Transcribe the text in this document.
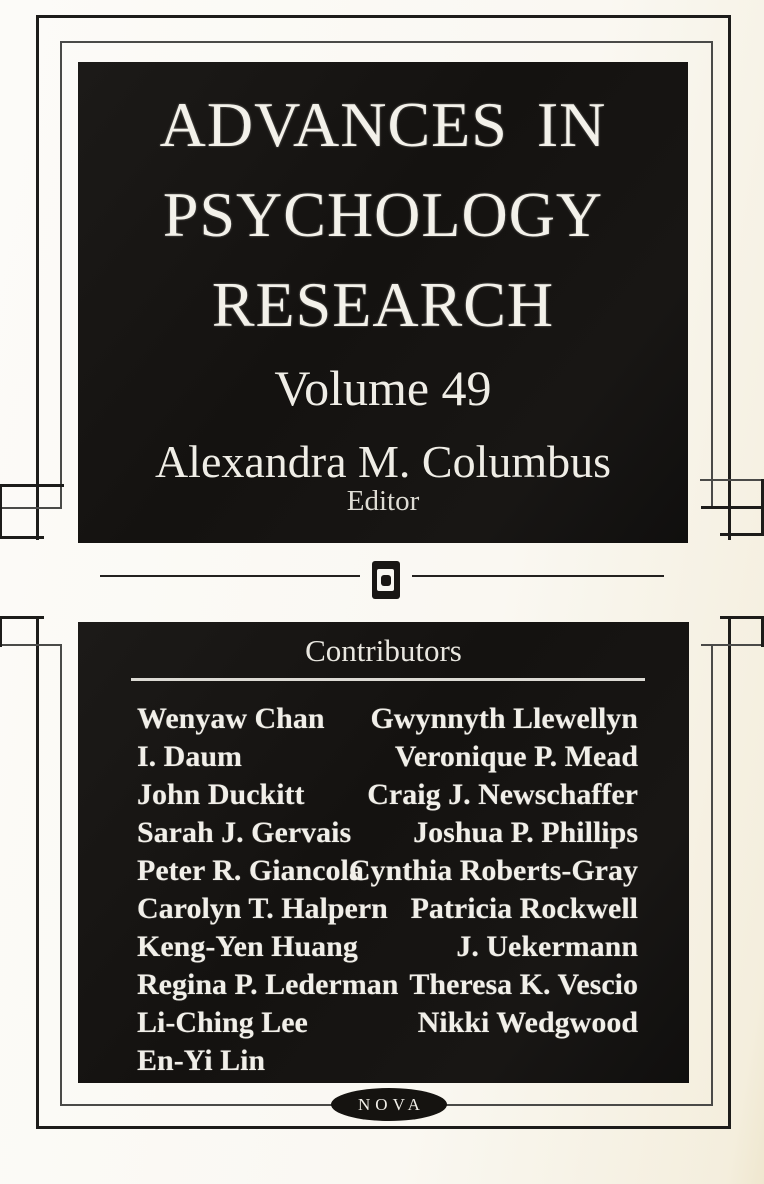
ADVANCES IN
PSYCHOLOGY
RESEARCH
Volume 49
Alexandra M. Columbus
Editor
Contributors
Wenyaw Chan
I. Daum
John Duckitt
Sarah J. Gervais
Peter R. Giancola
Carolyn T. Halpern
Keng-Yen Huang
Regina P. Lederman
Li-Ching Lee
En-Yi Lin
Gwynnyth Llewellyn
Veronique P. Mead
Craig J. Newschaffer
Joshua P. Phillips
Cynthia Roberts-Gray
Patricia Rockwell
J. Uekermann
Theresa K. Vescio
Nikki Wedgwood
NOVA
